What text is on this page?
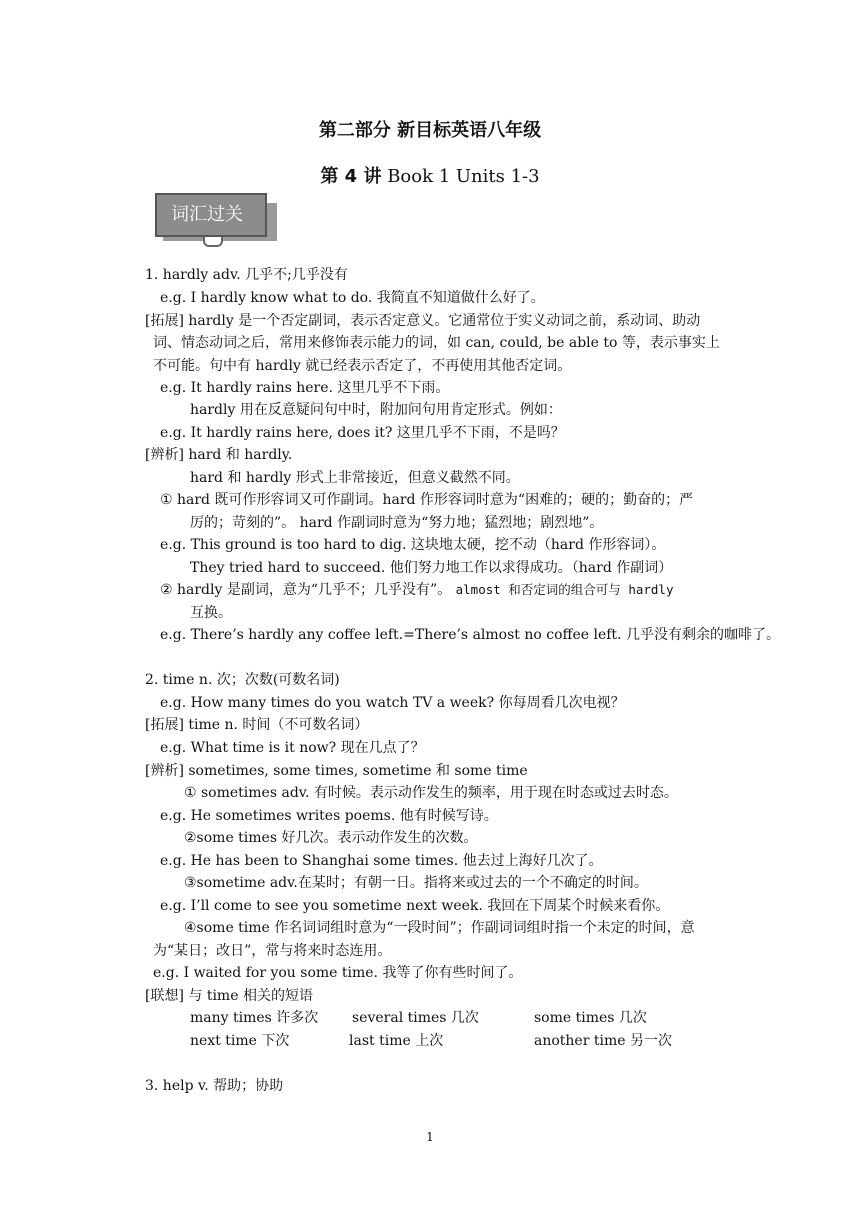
第二部分 新目标英语八年级
第 4 讲 Book 1 Units 1-3
词汇过关
1. hardly adv. 几乎不;几乎没有
e.g. I hardly know what to do. 我简直不知道做什么好了。
[拓展] hardly 是一个否定副词，表示否定意义。它通常位于实义动词之前，系动词、助动
词、情态动词之后，常用来修饰表示能力的词，如 can, could, be able to 等，表示事实上
不可能。句中有 hardly 就已经表示否定了，不再使用其他否定词。
e.g. It hardly rains here. 这里几乎不下雨。
hardly 用在反意疑问句中时，附加问句用肯定形式。例如：
e.g. It hardly rains here, does it? 这里几乎不下雨，不是吗？
[辨析] hard 和 hardly.
hard 和 hardly 形式上非常接近，但意义截然不同。
① hard 既可作形容词又可作副词。hard 作形容词时意为“困难的；硬的；勤奋的；严
厉的；苛刻的”。 hard 作副词时意为“努力地；猛烈地；剧烈地”。
e.g. This ground is too hard to dig. 这块地太硬，挖不动（hard 作形容词）。
They tried hard to succeed. 他们努力地工作以求得成功。（hard 作副词）
② hardly 是副词，意为“几乎不；几乎没有”。 almost 和否定词的组合可与 hardly
互换。
e.g. There’s hardly any coffee left.=There’s almost no coffee left. 几乎没有剩余的咖啡了。
2. time n. 次；次数(可数名词)
e.g. How many times do you watch TV a week? 你每周看几次电视？
[拓展] time n. 时间（不可数名词）
e.g. What time is it now? 现在几点了？
[辨析] sometimes, some times, sometime 和 some time
① sometimes adv. 有时候。表示动作发生的频率，用于现在时态或过去时态。
e.g. He sometimes writes poems. 他有时候写诗。
②some times 好几次。表示动作发生的次数。
e.g. He has been to Shanghai some times. 他去过上海好几次了。
③sometime adv.在某时；有朝一日。指将来或过去的一个不确定的时间。
e.g. I’ll come to see you sometime next week. 我回在下周某个时候来看你。
④some time 作名词词组时意为“一段时间”；作副词词组时指一个未定的时间，意
为“某日；改日”，常与将来时态连用。
e.g. I waited for you some time. 我等了你有些时间了。
[联想] 与 time 相关的短语
many times 许多次 several times 几次	some times 几次
next time 下次	last time 上次	another time 另一次
3. help v. 帮助；协助
1
